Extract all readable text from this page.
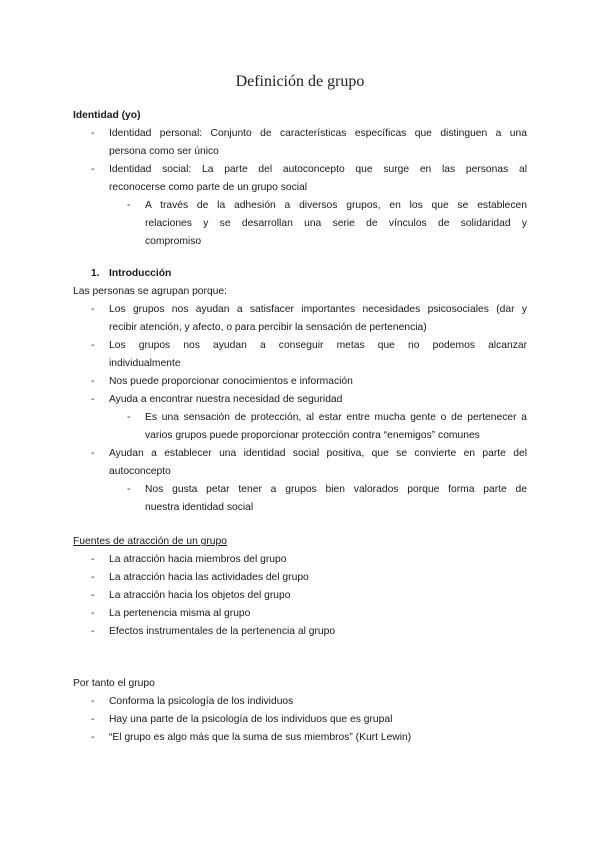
Definición de grupo
Identidad (yo)
- Identidad personal: Conjunto de características específicas que distinguen a una
persona como ser único
- Identidad social: La parte del autoconcepto que surge en las personas al
reconocerse como parte de un grupo social
- A través de la adhesión a diversos grupos, en los que se establecen
relaciones y se desarrollan una serie de vínculos de solidaridad y
compromiso
1. Introducción
Las personas se agrupan porque:
- Los grupos nos ayudan a satisfacer importantes necesidades psicosociales (dar y
recibir atención, y afecto, o para percibir la sensación de pertenencia)
- Los grupos nos ayudan a conseguir metas que no podemos alcanzar
individualmente
- Nos puede proporcionar conocimientos e información
- Ayuda a encontrar nuestra necesidad de seguridad
- Es una sensación de protección, al estar entre mucha gente o de pertenecer a
varios grupos puede proporcionar protección contra “enemigos” comunes
- Ayudan a establecer una identidad social positiva, que se convierte en parte del
autoconcepto
- Nos gusta petar tener a grupos bien valorados porque forma parte de
nuestra identidad social
Fuentes de atracción de un grupo
- La atracción hacia miembros del grupo
- La atracción hacia las actividades del grupo
- La atracción hacia los objetos del grupo
- La pertenencia misma al grupo
- Efectos instrumentales de la pertenencia al grupo
Por tanto el grupo
- Conforma la psicología de los individuos
- Hay una parte de la psicología de los individuos que es grupal
- “El grupo es algo más que la suma de sus miembros” (Kurt Lewin)
